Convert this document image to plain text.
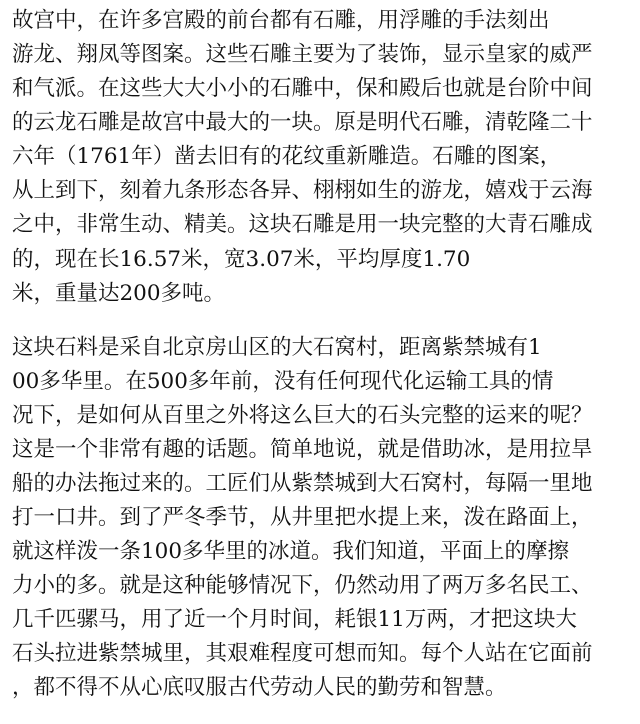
故宫中，在许多宫殿的前台都有石雕，用浮雕的手法刻出
游龙、翔凤等图案。这些石雕主要为了装饰，显示皇家的威严
和气派。在这些大大小小的石雕中，保和殿后也就是台阶中间
的云龙石雕是故宫中最大的一块。原是明代石雕，清乾隆二十
六年（1761年）凿去旧有的花纹重新雕造。石雕的图案，
从上到下，刻着九条形态各异、栩栩如生的游龙，嬉戏于云海
之中，非常生动、精美。这块石雕是用一块完整的大青石雕成
的，现在长16.57米，宽3.07米，平均厚度1.70
米，重量达200多吨。
这块石料是采自北京房山区的大石窝村，距离紫禁城有1
00多华里。在500多年前，没有任何现代化运输工具的情
况下，是如何从百里之外将这么巨大的石头完整的运来的呢？
这是一个非常有趣的话题。简单地说，就是借助冰，是用拉旱
船的办法拖过来的。工匠们从紫禁城到大石窝村，每隔一里地
打一口井。到了严冬季节，从井里把水提上来，泼在路面上，
就这样泼一条100多华里的冰道。我们知道，平面上的摩擦
力小的多。就是这种能够情况下，仍然动用了两万多名民工、
几千匹骡马，用了近一个月时间，耗银11万两，才把这块大
石头拉进紫禁城里，其艰难程度可想而知。每个人站在它面前
，都不得不从心底叹服古代劳动人民的勤劳和智慧。
